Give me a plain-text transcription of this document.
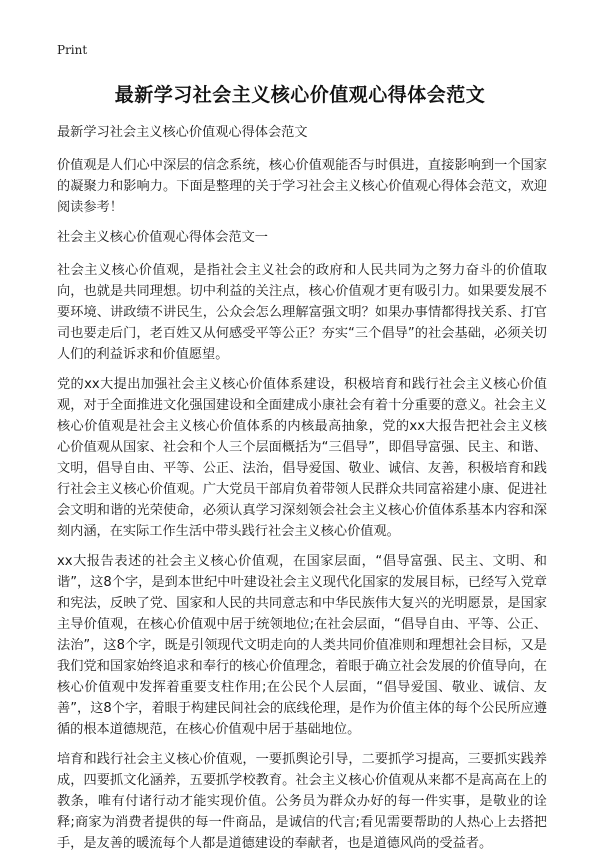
Print
最新学习社会主义核心价值观心得体会范文

最新学习社会主义核心价值观心得体会范文

价值观是人们心中深层的信念系统，核心价值观能否与时俱进，直接影响到一个国家的凝聚力和影响力。下面是整理的关于学习社会主义核心价值观心得体会范文，欢迎阅读参考！

社会主义核心价值观心得体会范文一

社会主义核心价值观，是指社会主义社会的政府和人民共同为之努力奋斗的价值取向，也就是共同理想。切中利益的关注点，核心价值观才更有吸引力。如果要发展不要环境、讲政绩不讲民生，公众会怎么理解富强文明？如果办事情都得找关系、打官司也要走后门，老百姓又从何感受平等公正？夯实“三个倡导”的社会基础，必须关切人们的利益诉求和价值愿望。

党的xx大提出加强社会主义核心价值体系建设，积极培育和践行社会主义核心价值观，对于全面推进文化强国建设和全面建成小康社会有着十分重要的意义。社会主义核心价值观是社会主义核心价值体系的内核最高抽象，党的xx大报告把社会主义核心价值观从国家、社会和个人三个层面概括为“三倡导”，即倡导富强、民主、和谐、文明，倡导自由、平等、公正、法治，倡导爱国、敬业、诚信、友善，积极培育和践行社会主义核心价值观。广大党员干部肩负着带领人民群众共同富裕建小康、促进社会文明和谐的光荣使命，必须认真学习深刻领会社会主义核心价值体系基本内容和深刻内涵，在实际工作生活中带头践行社会主义核心价值观。

xx大报告表述的社会主义核心价值观，在国家层面，“倡导富强、民主、文明、和谐”，这8个字，是到本世纪中叶建设社会主义现代化国家的发展目标，已经写入党章和宪法，反映了党、国家和人民的共同意志和中华民族伟大复兴的光明愿景，是国家主导价值观，在核心价值观中居于统领地位;在社会层面，“倡导自由、平等、公正、法治”，这8个字，既是引领现代文明走向的人类共同价值准则和理想社会目标，又是我们党和国家始终追求和奉行的核心价值理念，着眼于确立社会发展的价值导向，在核心价值观中发挥着重要支柱作用;在公民个人层面，“倡导爱国、敬业、诚信、友善”，这8个字，着眼于构建民间社会的底线伦理，是作为价值主体的每个公民所应遵循的根本道德规范，在核心价值观中居于基础地位。

培育和践行社会主义核心价值观，一要抓舆论引导，二要抓学习提高，三要抓实践养成，四要抓文化涵养，五要抓学校教育。社会主义核心价值观从来都不是高高在上的教条，唯有付诸行动才能实现价值。公务员为群众办好的每一件实事，是敬业的诠释;商家为消费者提供的每一件商品，是诚信的代言;看见需要帮助的人热心上去搭把手，是友善的暖流每个人都是道德建设的奉献者，也是道德风尚的受益者。
